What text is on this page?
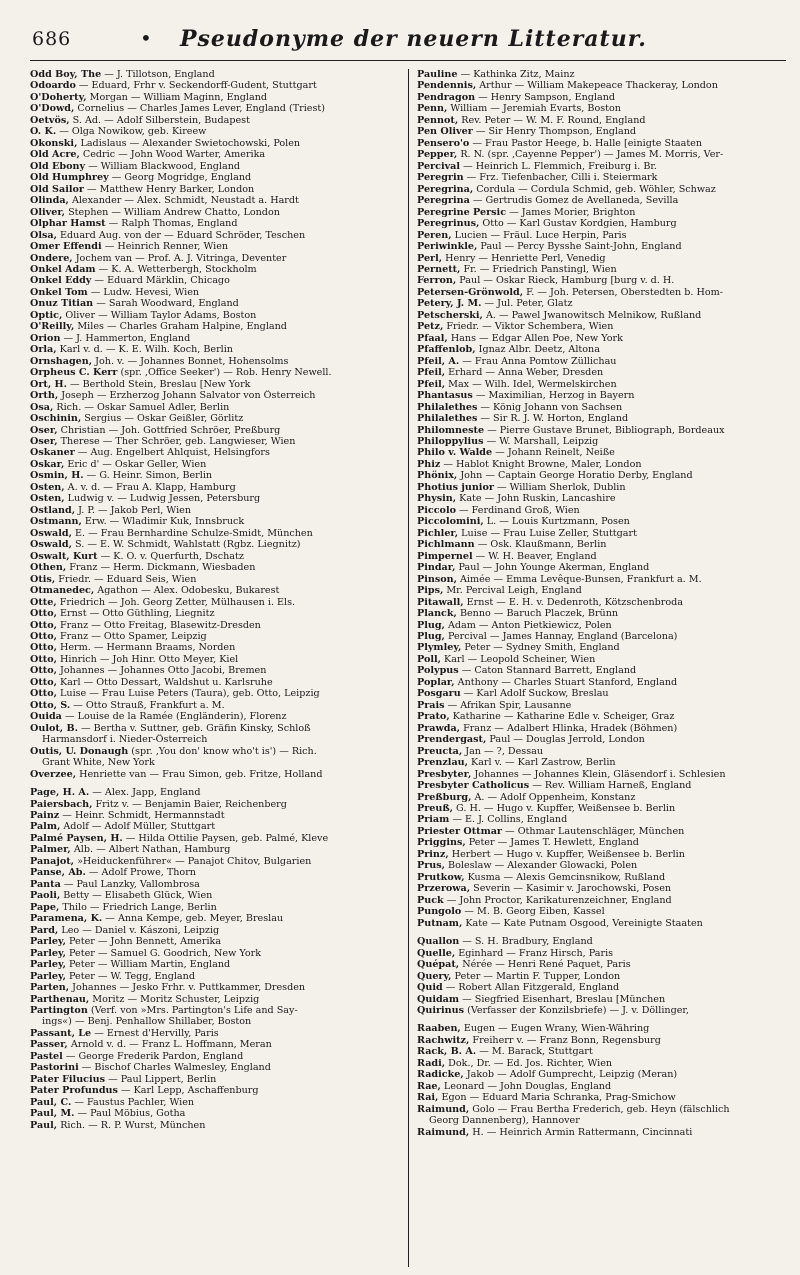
686	• Pseudonyme der neuern Litteratur.
Odd Boy, The — J. Tillotson, England
Odoardo — Eduard, Frhr v. Seckendorff-Gudent, Stuttgart
O'Doherty, Morgan — William Maginn, England
O'Dowd, Cornelius — Charles James Lever, England (Triest)
Oetvös, S. Ad. — Adolf Silberstein, Budapest
O. K. — Olga Nowikow, geb. Kireew
Okonski, Ladislaus — Alexander Swietochowski, Polen
Old Acre, Cedric — John Wood Warter, Amerika
Old Ebony — William Blackwood, England
Old Humphrey — Georg Mogridge, England
Old Sailor — Matthew Henry Barker, London
Olinda, Alexander — Alex. Schmidt, Neustadt a. Hardt
Oliver, Stephen — William Andrew Chatto, London
Olphar Hamst — Ralph Thomas, England
Olsa, Eduard Aug. von der — Eduard Schröder, Teschen
Omer Effendi — Heinrich Renner, Wien
Ondere, Jochem van — Prof. A. J. Vitringa, Deventer
Onkel Adam — K. A. Wetterbergh, Stockholm
Onkel Eddy — Eduard Märklin, Chicago
Onkel Tom — Ludw. Hevesi, Wien
Onuz Titian — Sarah Woodward, England
Optic, Oliver — William Taylor Adams, Boston
O'Reilly, Miles — Charles Graham Halpine, England
Orion — J. Hammerton, England
Orla, Karl v. d. — K. E. Wilh. Koch, Berlin
Ornshagen, Joh. v. — Johannes Bonnet, Hohensolms
Orpheus C. Kerr (spr. ‚Office Seeker') — Rob. Henry Newell.
Ort, H. — Berthold Stein, Breslau [New York
Orth, Joseph — Erzherzog Johann Salvator von Österreich
Osa, Rich. — Oskar Samuel Adler, Berlin
Oschinin, Sergius — Oskar Geißler, Görlitz
Oser, Christian — Joh. Gottfried Schröer, Preßburg
Oser, Therese — Ther Schröer, geb. Langwieser, Wien
Oskaner — Aug. Engelbert Ahlquist, Helsingfors
Oskar, Eric d' — Oskar Geller, Wien
Osmin, H. — G. Heinr. Simon, Berlin
Osten, A. v. d. — Frau A. Klapp, Hamburg
Osten, Ludwig v. — Ludwig Jessen, Petersburg
Ostland, J. P. — Jakob Perl, Wien
Ostmann, Erw. — Wladimir Kuk, Innsbruck
Oswald, E. — Frau Bernhardine Schulze-Smidt, München
Oswald, S. — E. W. Schmidt, Wahlstatt (Rgbz. Liegnitz)
Oswalt, Kurt — K. O. v. Querfurth, Dschatz
Othen, Franz — Herm. Dickmann, Wiesbaden
Otis, Friedr. — Eduard Seis, Wien
Otmanedec, Agathon — Alex. Odobesku, Bukarest
Otte, Friedrich — Joh. Georg Zetter, Mülhausen i. Els.
Otto, Ernst — Otto Güthling, Liegnitz
Otto, Franz — Otto Freitag, Blasewitz-Dresden
Otto, Franz — Otto Spamer, Leipzig
Otto, Herm. — Hermann Braams, Norden
Otto, Hinrich — Joh Hinr. Otto Meyer, Kiel
Otto, Johannes — Johannes Otto Jacobi, Bremen
Otto, Karl — Otto Dessart, Waldshut u. Karlsruhe
Otto, Luise — Frau Luise Peters (Taura), geb. Otto, Leipzig
Otto, S. — Otto Strauß, Frankfurt a. M.
Ouida — Louise de la Ramée (Engländerin), Florenz
Oulot, B. — Bertha v. Suttner, geb. Gräfin Kinsky, Schloß
Harmansdorf i. Nieder-Österreich
Outis, U. Donaugh (spr. ‚You don' know who't is') — Rich.
Grant White, New York
Overzee, Henriette van — Frau Simon, geb. Fritze, Holland
Page, H. A. — Alex. Japp, England
Paiersbach, Fritz v. — Benjamin Baier, Reichenberg
Painz — Heinr. Schmidt, Hermannstadt
Palm, Adolf — Adolf Müller, Stuttgart
Palmé Paysen, H. — Hilda Ottilie Paysen, geb. Palmé, Kleve
Palmer, Alb. — Albert Nathan, Hamburg
Panajot, »Heiduckenführer« — Panajot Chitov, Bulgarien
Panse, Ab. — Adolf Prowe, Thorn
Panta — Paul Lanzky, Vallombrosa
Paoli, Betty — Elisabeth Glück, Wien
Pape, Thilo — Friedrich Lange, Berlin
Paramena, K. — Anna Kempe, geb. Meyer, Breslau
Pard, Leo — Daniel v. Kászoni, Leipzig
Parley, Peter — John Bennett, Amerika
Parley, Peter — Samuel G. Goodrich, New York
Parley, Peter — William Martin, England
Parley, Peter — W. Tegg, England
Parten, Johannes — Jesko Frhr. v. Puttkammer, Dresden
Parthenau, Moritz — Moritz Schuster, Leipzig
Partington (Verf. von »Mrs. Partington's Life and Say-
ings«) — Benj. Penhallow Shillaber, Boston
Passant, Le — Ernest d'Hervilly, Paris
Passer, Arnold v. d. — Franz L. Hoffmann, Meran
Pastel — George Frederik Pardon, England
Pastorini — Bischof Charles Walmesley, England
Pater Filucius — Paul Lippert, Berlin
Pater Profundus — Karl Lepp, Aschaffenburg
Paul, C. — Faustus Pachler, Wien
Paul, M. — Paul Möbius, Gotha
Paul, Rich. — R. P. Wurst, München
Pauline — Kathinka Zitz, Mainz
Pendennis, Arthur — William Makepeace Thackeray, London
Pendragon — Henry Sampson, England
Penn, William — Jeremiah Evarts, Boston
Pennot, Rev. Peter — W. M. F. Round, England
Pen Oliver — Sir Henry Thompson, England
Pensero'o — Frau Pastor Heege, b. Halle [einigte Staaten
Pepper, R. N. (spr. ‚Cayenne Pepper') — James M. Morris, Ver-
Percival — Heinrich L. Flemmich, Freiburg i. Br.
Peregrin — Frz. Tiefenbacher, Cilli i. Steiermark
Peregrina, Cordula — Cordula Schmid, geb. Wöhler, Schwaz
Peregrina — Gertrudis Gomez de Avellaneda, Sevilla
Peregrine Persic — James Morier, Brighton
Peregrinus, Otto — Karl Gustav Kordgien, Hamburg
Peren, Lucien — Fräul. Luce Herpin, Paris
Periwinkle, Paul — Percy Bysshe Saint-John, England
Perl, Henry — Henriette Perl, Venedig
Pernett, Fr. — Friedrich Panstingl, Wien
Ferron, Paul — Oskar Rieck, Hamburg [burg v. d. H.
Petersen-Grönwold, F. — Joh. Petersen, Oberstedten b. Hom-
Petery, J. M. — Jul. Peter, Glatz
Petscherski, A. — Pawel Jwanowitsch Melnikow, Rußland
Petz, Friedr. — Viktor Schembera, Wien
Pfaal, Hans — Edgar Allen Poe, New York
Pfaffenlob, Ignaz Albr. Deetz, Altona
Pfeil, A. — Frau Anna Pomtow Züllichau
Pfeil, Erhard — Anna Weber, Dresden
Pfeil, Max — Wilh. Idel, Wermelskirchen
Phantasus — Maximilian, Herzog in Bayern
Philalethes — König Johann von Sachsen
Philalethes — Sir R. J. W. Horton, England
Philomneste — Pierre Gustave Brunet, Bibliograph, Bordeaux
Philoppylius — W. Marshall, Leipzig
Philo v. Walde — Johann Reinelt, Neiße
Phiz — Hablot Knight Browne, Maler, London
Phönix, John — Captain George Horatio Derby, England
Photius junior — William Sherlok, Dublin
Physin, Kate — John Ruskin, Lancashire
Piccolo — Ferdinand Groß, Wien
Piccolomini, L. — Louis Kurtzmann, Posen
Pichler, Luise — Frau Luise Zeller, Stuttgart
Pichlmann — Osk. Klaußmann, Berlin
Pimpernel — W. H. Beaver, England
Pindar, Paul — John Younge Akerman, England
Pinson, Aimée — Emma Levêque-Bunsen, Frankfurt a. M.
Pips, Mr. Percival Leigh, England
Pitawall, Ernst — E. H. v. Dedenroth, Kötzschenbroda
Planck, Benno — Baruch Placzek, Brünn
Plug, Adam — Anton Pietkiewicz, Polen
Plug, Percival — James Hannay, England (Barcelona)
Plymley, Peter — Sydney Smith, England
Poll, Karl — Leopold Scheiner, Wien
Polypus — Caton Stannard Barrett, England
Poplar, Anthony — Charles Stuart Stanford, England
Posgaru — Karl Adolf Suckow, Breslau
Prais — Afrikan Spir, Lausanne
Prato, Katharine — Katharine Edle v. Scheiger, Graz
Prawda, Franz — Adalbert Hlinka, Hradek (Böhmen)
Prendergast, Paul — Douglas Jerrold, London
Preucta, Jan — ?, Dessau
Prenzlau, Karl v. — Karl Zastrow, Berlin
Presbyter, Johannes — Johannes Klein, Gläsendorf i. Schlesien
Presbyter Catholicus — Rev. William Harneß, England
Preßburg, A. — Adolf Oppenheim, Konstanz
Preuß, G. H. — Hugo v. Kupffer, Weißensee b. Berlin
Priam — E. J. Collins, England
Priester Ottmar — Othmar Lautenschläger, München
Priggins, Peter — James T. Hewlett, England
Prinz, Herbert — Hugo v. Kupffer, Weißensee b. Berlin
Prus, Boleslaw — Alexander Glowacki, Polen
Prutkow, Kusma — Alexis Gemcinsnikow, Rußland
Przerowa, Severin — Kasimir v. Jarochowski, Posen
Puck — John Proctor, Karikaturenzeichner, England
Pungolo — M. B. Georg Eiben, Kassel
Putnam, Kate — Kate Putnam Osgood, Vereinigte Staaten
Quallon — S. H. Bradbury, England
Quelle, Eginhard — Franz Hirsch, Paris
Quépat, Nérée — Henri René Paquet, Paris
Query, Peter — Martin F. Tupper, London
Quid — Robert Allan Fitzgerald, England
Quidam — Siegfried Eisenhart, Breslau [München
Quirinus (Verfasser der Konzilsbriefe) — J. v. Döllinger,
Raaben, Eugen — Eugen Wrany, Wien-Währing
Rachwitz, Freiherr v. — Franz Bonn, Regensburg
Rack, B. A. — M. Barack, Stuttgart
Radi, Dok., Dr. — Ed. Jos. Richter, Wien
Radicke, Jakob — Adolf Gumprecht, Leipzig (Meran)
Rae, Leonard — John Douglas, England
Rai, Egon — Eduard Maria Schranka, Prag-Smichow
Raimund, Golo — Frau Bertha Frederich, geb. Heyn (fälschlich
Georg Dannenberg), Hannover
Raimund, H. — Heinrich Armin Rattermann, Cincinnati
